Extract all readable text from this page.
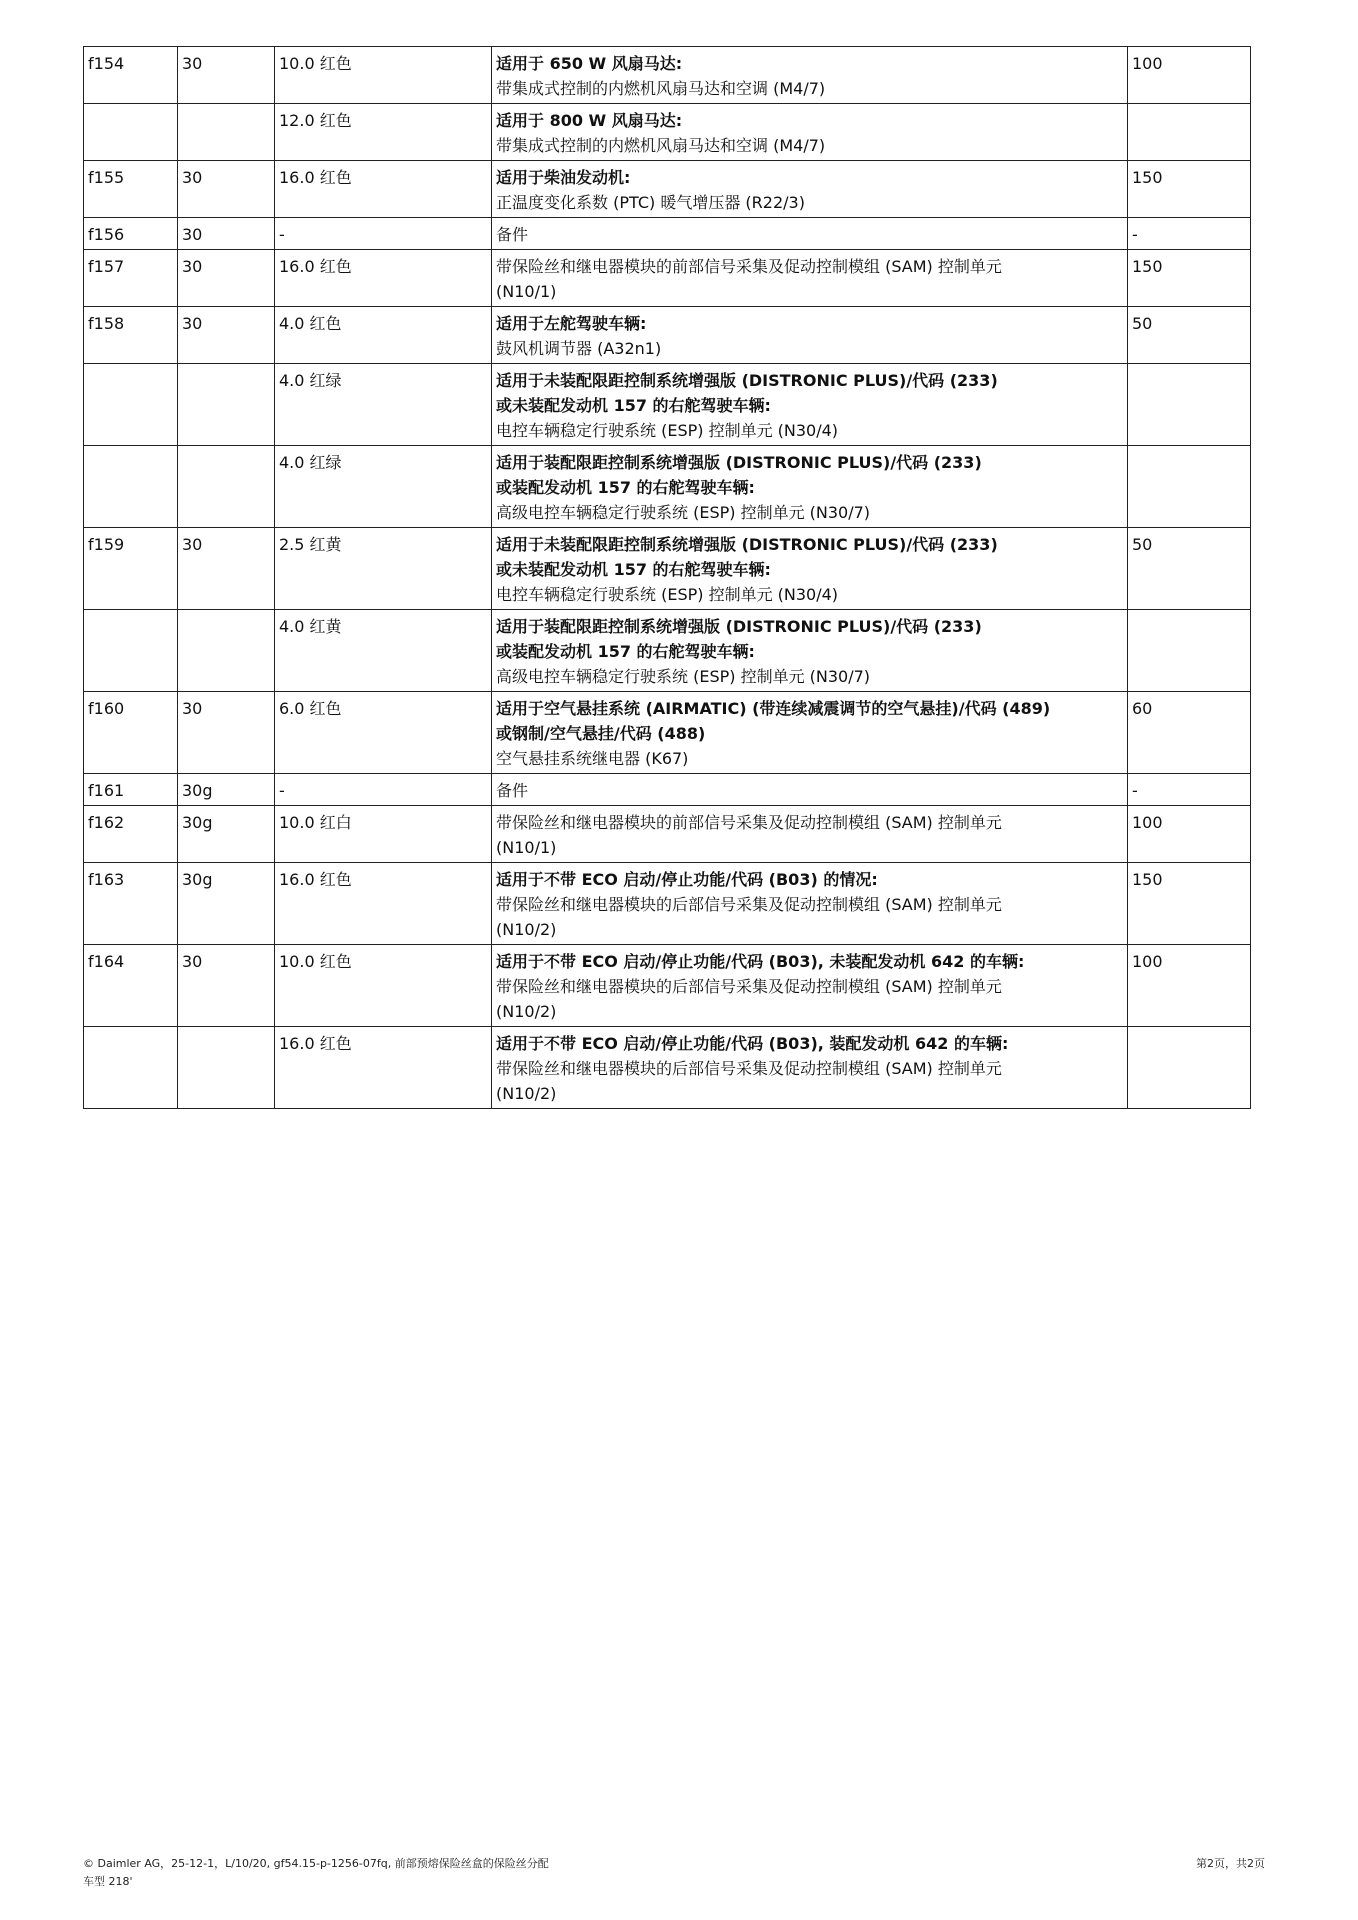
f154	30	10.0 红色	适用于 650 W 风扇马达:
带集成式控制的内燃机风扇马达和空调 (M4/7)	100
		12.0 红色	适用于 800 W 风扇马达:
带集成式控制的内燃机风扇马达和空调 (M4/7)	

f155	30	16.0 红色	适用于柴油发动机:
正温度变化系数 (PTC) 暖气增压器 (R22/3)	150
f156	30	-	备件	-
f157	30	16.0 红色	带保险丝和继电器模块的前部信号采集及促动控制模组 (SAM) 控制单元
(N10/1)	150
f158	30	4.0 红色	适用于左舵驾驶车辆:
鼓风机调节器 (A32n1)	50
		4.0 红绿	适用于未装配限距控制系统增强版 (DISTRONIC PLUS)/代码 (233)
或未装配发动机 157 的右舵驾驶车辆:
电控车辆稳定行驶系统 (ESP) 控制单元 (N30/4)	

		4.0 红绿	适用于装配限距控制系统增强版 (DISTRONIC PLUS)/代码 (233)
或装配发动机 157 的右舵驾驶车辆:
高级电控车辆稳定行驶系统 (ESP) 控制单元 (N30/7)	

f159	30	2.5 红黄	适用于未装配限距控制系统增强版 (DISTRONIC PLUS)/代码 (233)
或未装配发动机 157 的右舵驾驶车辆:
电控车辆稳定行驶系统 (ESP) 控制单元 (N30/4)	50
		4.0 红黄	适用于装配限距控制系统增强版 (DISTRONIC PLUS)/代码 (233)
或装配发动机 157 的右舵驾驶车辆:
高级电控车辆稳定行驶系统 (ESP) 控制单元 (N30/7)	

f160	30	6.0 红色	适用于空气悬挂系统 (AIRMATIC) (带连续减震调节的空气悬挂)/代码 (489)
或钢制/空气悬挂/代码 (488)
空气悬挂系统继电器 (K67)	60
f161	30g	-	备件	-
f162	30g	10.0 红白	带保险丝和继电器模块的前部信号采集及促动控制模组 (SAM) 控制单元
(N10/1)	100
f163	30g	16.0 红色	适用于不带 ECO 启动/停止功能/代码 (B03) 的情况:
带保险丝和继电器模块的后部信号采集及促动控制模组 (SAM) 控制单元
(N10/2)	150
f164	30	10.0 红色	适用于不带 ECO 启动/停止功能/代码 (B03), 未装配发动机 642 的车辆:
带保险丝和继电器模块的后部信号采集及促动控制模组 (SAM) 控制单元
(N10/2)	100
		16.0 红色	适用于不带 ECO 启动/停止功能/代码 (B03), 装配发动机 642 的车辆:
带保险丝和继电器模块的后部信号采集及促动控制模组 (SAM) 控制单元
(N10/2)	

© Daimler AG，25-12-1，L/10/20, gf54.15-p-1256-07fq, 前部预熔保险丝盒的保险丝分配
车型 218'
第2页，共2页
